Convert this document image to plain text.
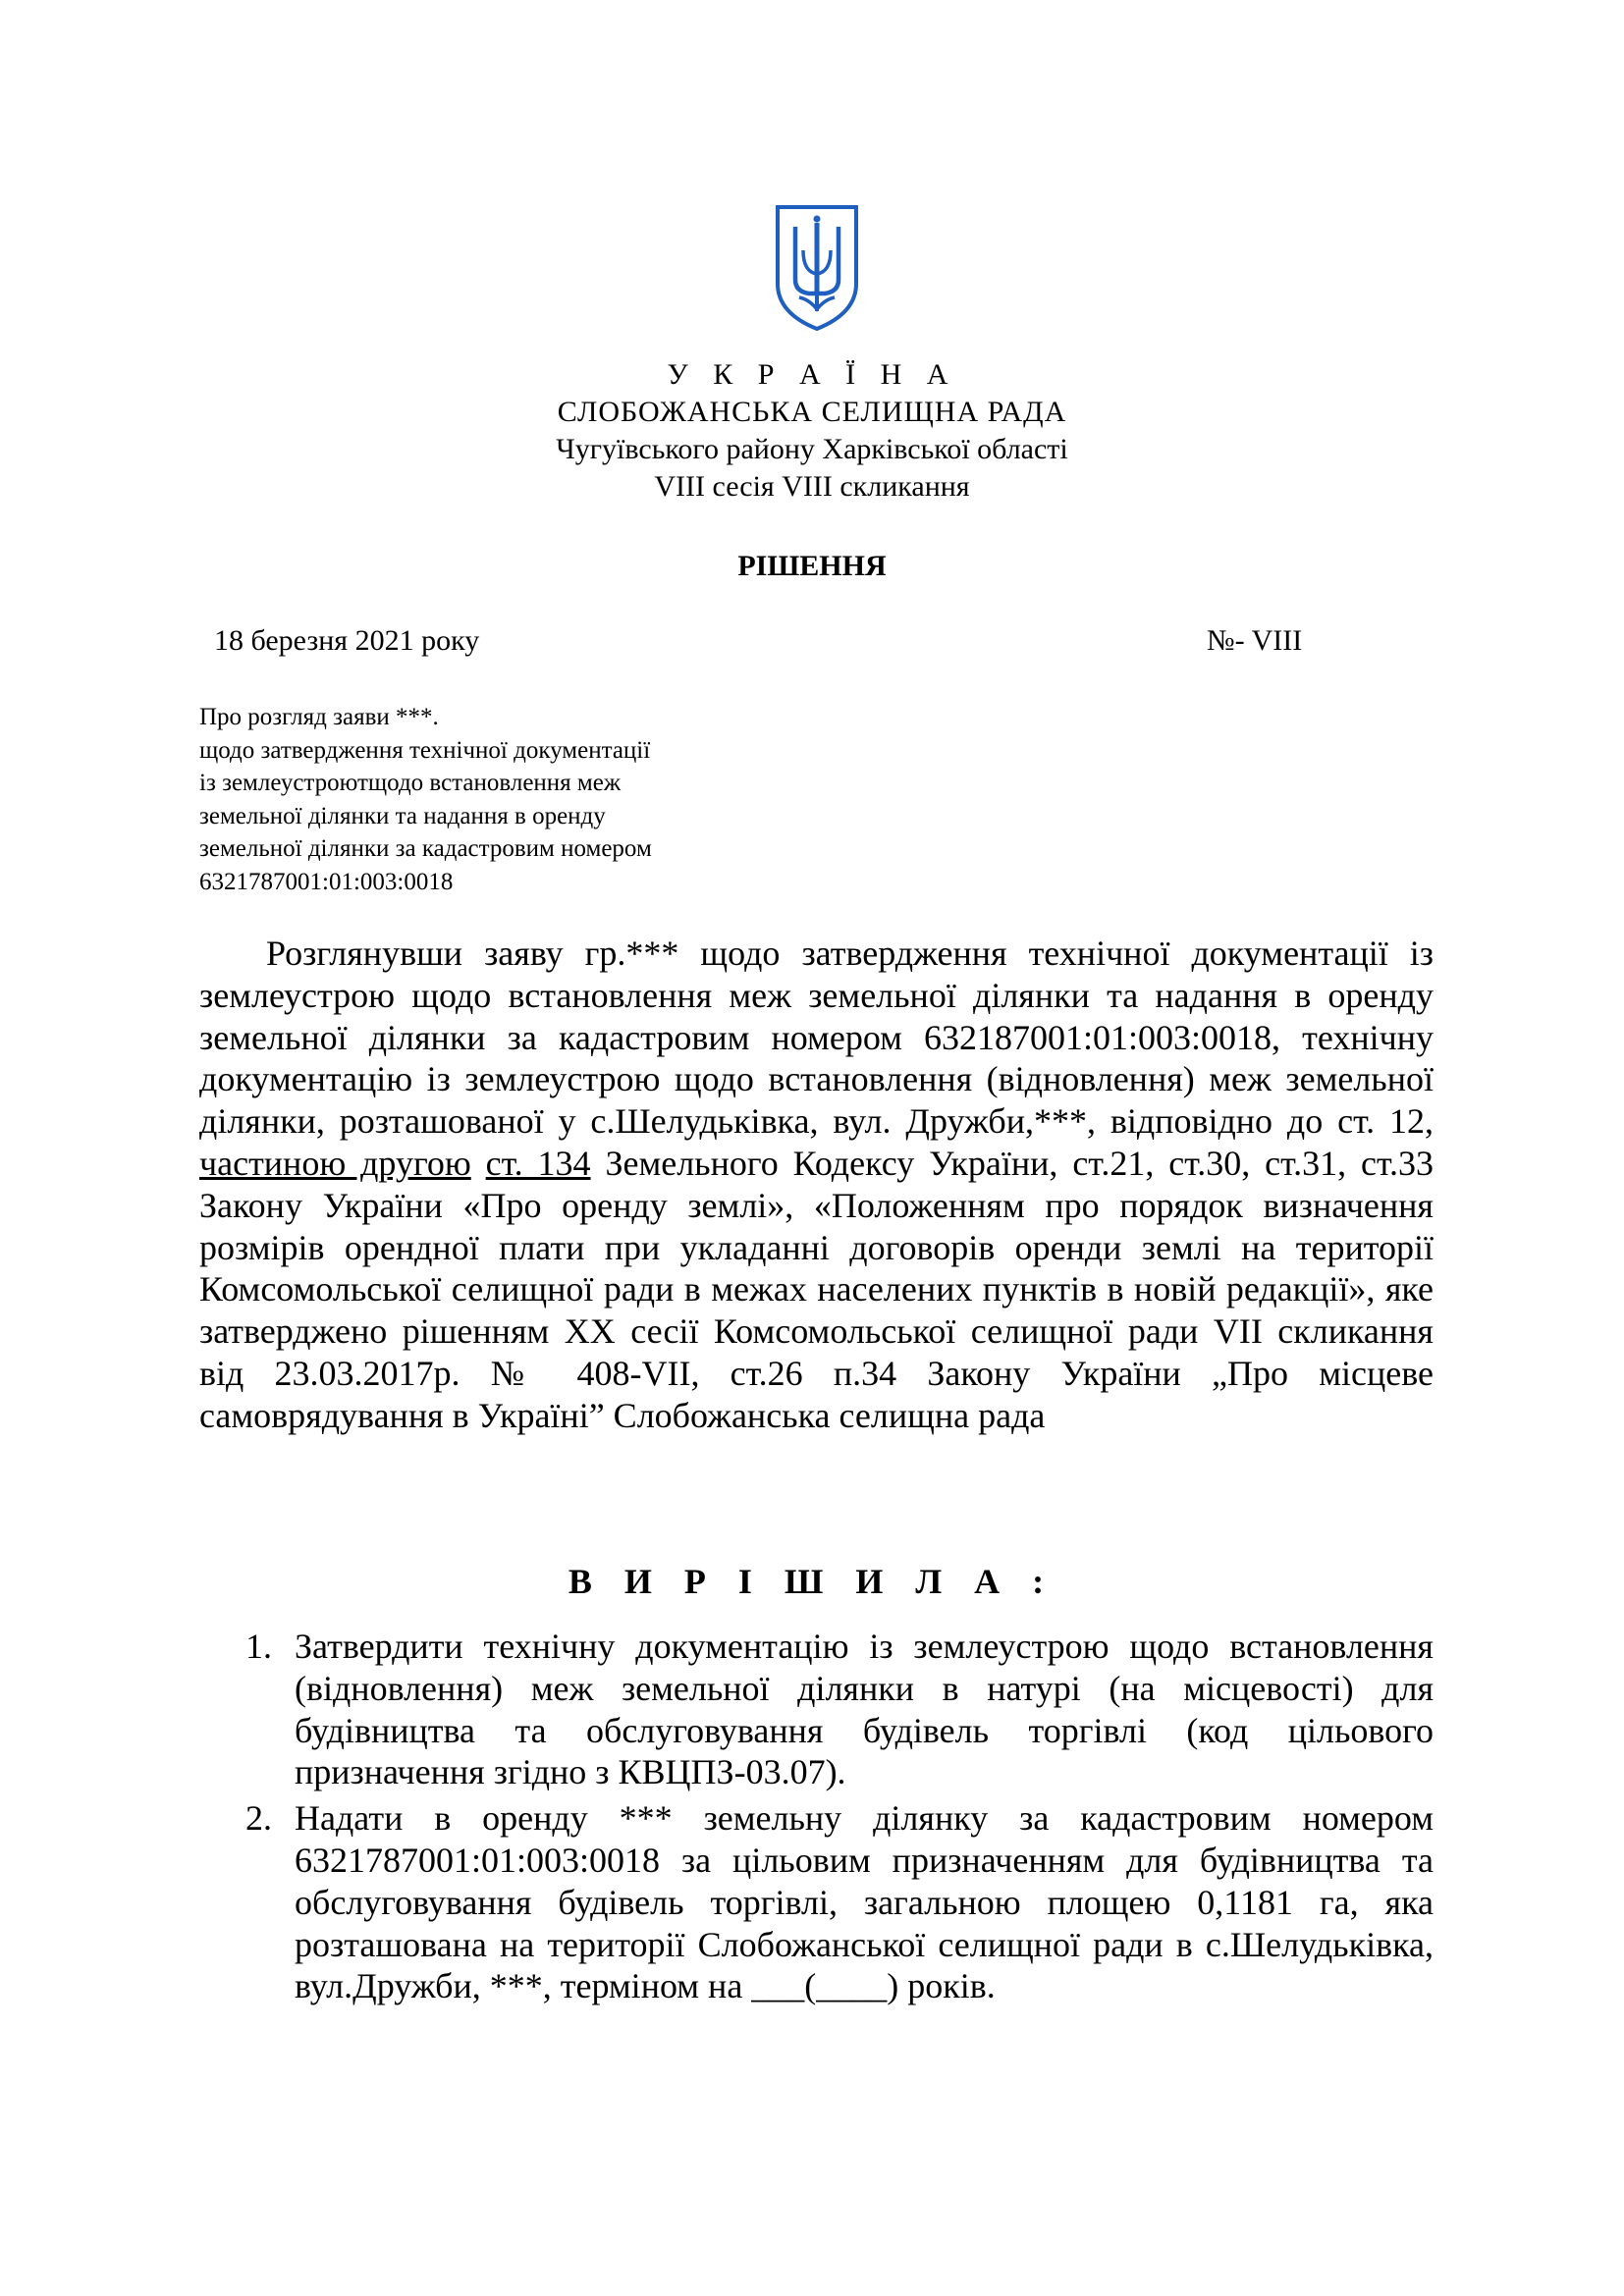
У К Р А Ї Н А
СЛОБОЖАНСЬКА СЕЛИЩНА РАДА
Чугуївського району Харківської області
VIII сесія VIII скликання
РІШЕННЯ
18 березня 2021 року	№- VIII
Про розгляд заяви ***.
щодо затвердження технічної документації
із землеустроютщодо встановлення меж
земельної ділянки та надання в оренду
земельної ділянки за кадастровим номером
6321787001:01:003:0018
Розглянувши заяву гр.*** щодо затвердження технічної документації із землеустрою щодо встановлення меж земельної ділянки та надання в оренду земельної ділянки за кадастровим номером 632187001:01:003:0018, технічну документацію із землеустрою щодо встановлення (відновлення) меж земельної ділянки, розташованої у с.Шелудьківка, вул. Дружби,***, відповідно до ст. 12, частиною другою ст. 134 Земельного Кодексу України, ст.21, ст.30, ст.31, ст.33 Закону України «Про оренду землі», «Положенням про порядок визначення розмірів орендної плати при укладанні договорів оренди землі на території Комсомольської селищної ради в межах населених пунктів в новій редакції», яке затверджено рішенням XX сесії Комсомольської селищної ради VII скликання від 23.03.2017р. № 408-VII, ст.26 п.34 Закону України „Про місцеве самоврядування в Україні” Слобожанська селищна рада
В И Р І Ш И Л А :
1. Затвердити технічну документацію із землеустрою щодо встановлення (відновлення) меж земельної ділянки в натурі (на місцевості) для будівництва та обслуговування будівель торгівлі (код цільового призначення згідно з КВЦПЗ-03.07).
2. Надати в оренду *** земельну ділянку за кадастровим номером 6321787001:01:003:0018 за цільовим призначенням для будівництва та обслуговування будівель торгівлі, загальною площею 0,1181 га, яка розташована на території Слобожанської селищної ради в с.Шелудьківка, вул.Дружби, ***, терміном на ___(____) років.
